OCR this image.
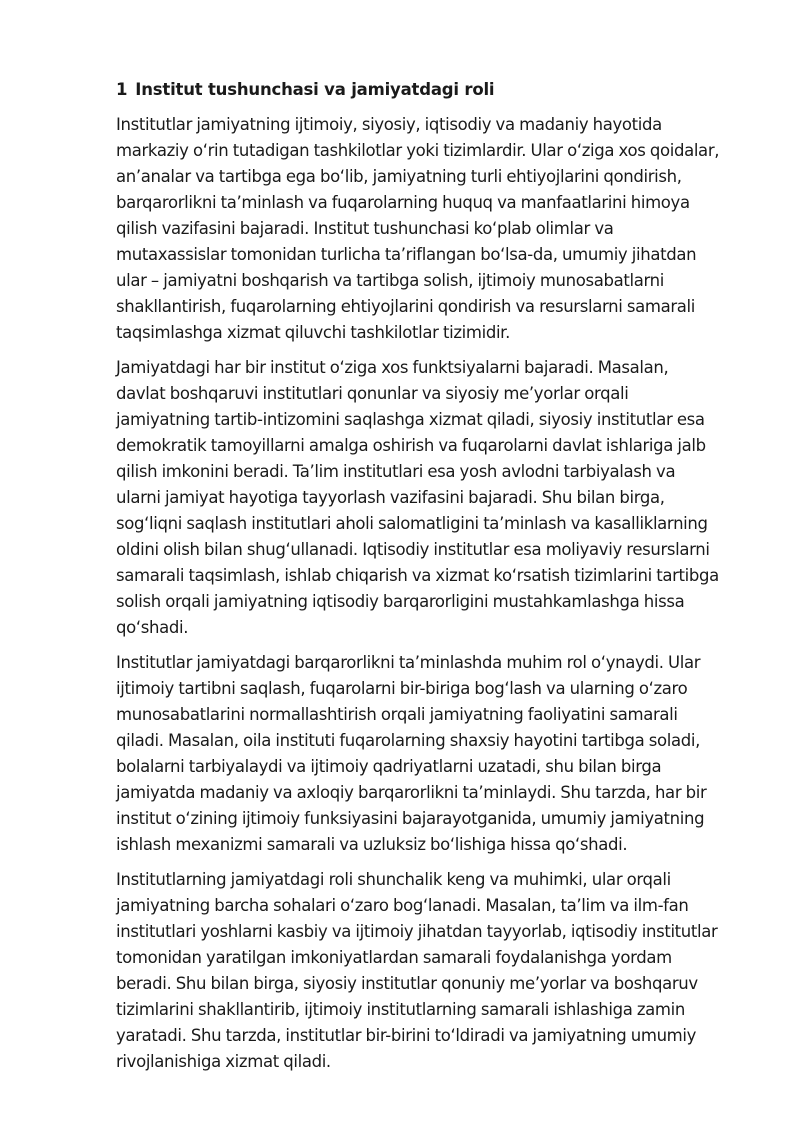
1 Institut tushunchasi va jamiyatdagi roli

Institutlar jamiyatning ijtimoiy, siyosiy, iqtisodiy va madaniy hayotida markaziy o‘rin tutadigan tashkilotlar yoki tizimlardir. Ular o‘ziga xos qoidalar, an’analar va tartibga ega bo‘lib, jamiyatning turli ehtiyojlarini qondirish, barqarorlikni ta’minlash va fuqarolarning huquq va manfaatlarini himoya qilish vazifasini bajaradi. Institut tushunchasi ko‘plab olimlar va mutaxassislar tomonidan turlicha ta’riflangan bo‘lsa-da, umumiy jihatdan ular – jamiyatni boshqarish va tartibga solish, ijtimoiy munosabatlarni shakllantirish, fuqarolarning ehtiyojlarini qondirish va resurslarni samarali taqsimlashga xizmat qiluvchi tashkilotlar tizimidir.

Jamiyatdagi har bir institut o‘ziga xos funktsiyalarni bajaradi. Masalan, davlat boshqaruvi institutlari qonunlar va siyosiy me’yorlar orqali jamiyatning tartib-intizomini saqlashga xizmat qiladi, siyosiy institutlar esa demokratik tamoyillarni amalga oshirish va fuqarolarni davlat ishlariga jalb qilish imkonini beradi. Ta’lim institutlari esa yosh avlodni tarbiyalash va ularni jamiyat hayotiga tayyorlash vazifasini bajaradi. Shu bilan birga, sog‘liqni saqlash institutlari aholi salomatligini ta’minlash va kasalliklarning oldini olish bilan shug‘ullanadi. Iqtisodiy institutlar esa moliyaviy resurslarni samarali taqsimlash, ishlab chiqarish va xizmat ko‘rsatish tizimlarini tartibga solish orqali jamiyatning iqtisodiy barqarorligini mustahkamlashga hissa qo‘shadi.

Institutlar jamiyatdagi barqarorlikni ta’minlashda muhim rol o‘ynaydi. Ular ijtimoiy tartibni saqlash, fuqarolarni bir-biriga bog‘lash va ularning o‘zaro munosabatlarini normallashtirish orqali jamiyatning faoliyatini samarali qiladi. Masalan, oila instituti fuqarolarning shaxsiy hayotini tartibga soladi, bolalarni tarbiyalaydi va ijtimoiy qadriyatlarni uzatadi, shu bilan birga jamiyatda madaniy va axloqiy barqarorlikni ta’minlaydi. Shu tarzda, har bir institut o‘zining ijtimoiy funksiyasini bajarayotganida, umumiy jamiyatning ishlash mexanizmi samarali va uzluksiz bo‘lishiga hissa qo‘shadi.

Institutlarning jamiyatdagi roli shunchalik keng va muhimki, ular orqali jamiyatning barcha sohalari o‘zaro bog‘lanadi. Masalan, ta’lim va ilm-fan institutlari yoshlarni kasbiy va ijtimoiy jihatdan tayyorlab, iqtisodiy institutlar tomonidan yaratilgan imkoniyatlardan samarali foydalanishga yordam beradi. Shu bilan birga, siyosiy institutlar qonuniy me’yorlar va boshqaruv tizimlarini shakllantirib, ijtimoiy institutlarning samarali ishlashiga zamin yaratadi. Shu tarzda, institutlar bir-birini to‘ldiradi va jamiyatning umumiy rivojlanishiga xizmat qiladi.
